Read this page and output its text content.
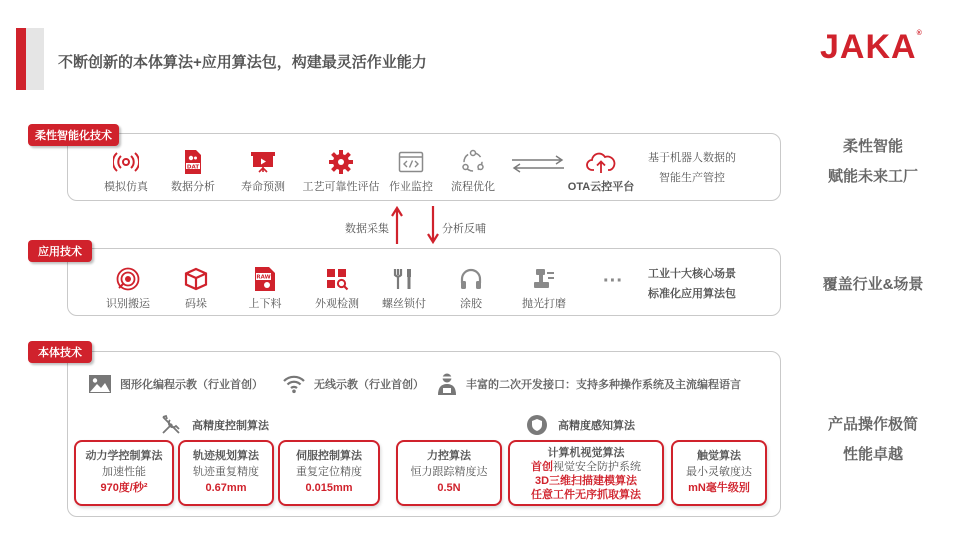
不断创新的本体算法+应用算法包，构建最灵活作业能力	JAKA®
柔性智能化技术
模拟仿真
DAT
数据分析	寿命预测	工艺可靠性评估 作业监控	流程优化	OTA云控平台
基于机器人数据的
智能生产管控
柔性智能
赋能未来工厂
数据采集	分析反哺
应用技术
识别搬运	码垛
RAW
上下料	外观检测	螺丝锁付	涂胶	抛光打磨
···	工业十大核心场景
标准化应用算法包
覆盖行业&场景
本体技术
图形化编程示教（行业首创）	无线示教（行业首创）	丰富的二次开发接口：支持多种操作系统及主流编程语言
高精度控制算法	高精度感知算法
动力学控制算法
加速性能
970度/秒²
轨迹规划算法
轨迹重复精度
0.67mm
伺服控制算法
重复定位精度
0.015mm
力控算法
恒力跟踪精度达
0.5N
计算机视觉算法
首创视觉安全防护系统
3D三维扫描建模算法
任意工件无序抓取算法
触觉算法
最小灵敏度达
mN毫牛级别
产品操作极简
性能卓越
